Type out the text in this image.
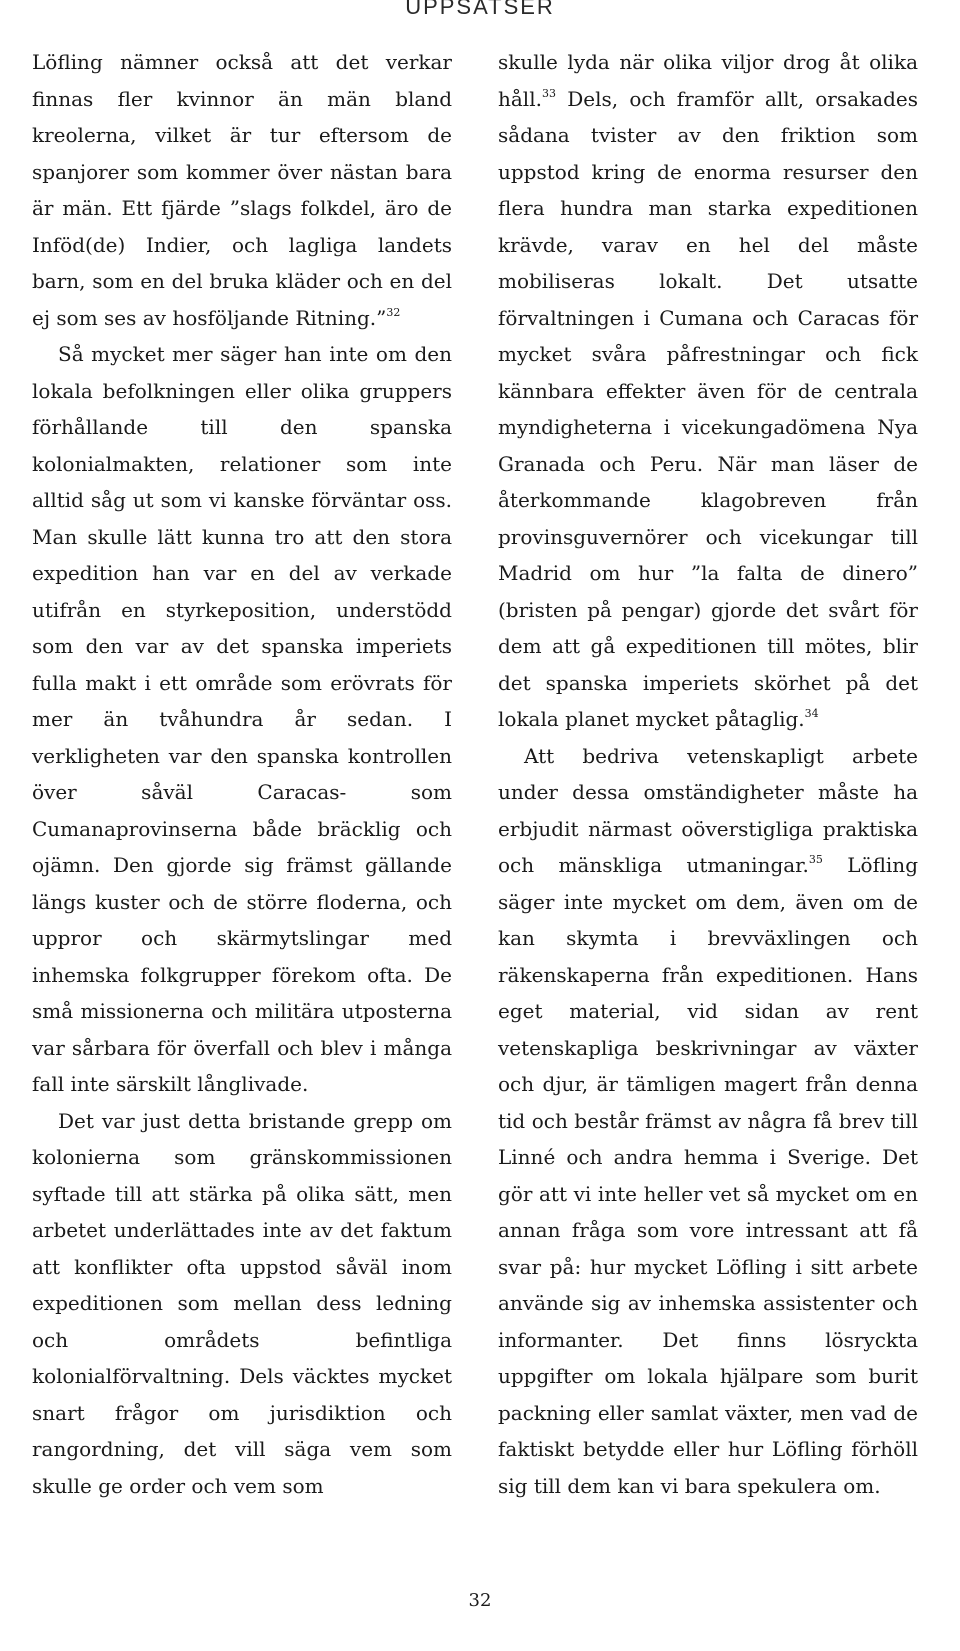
UPPSATSER

Löfling nämner också att det verkar finnas fler kvinnor än män bland kreolerna, vilket är tur eftersom de spanjorer som kommer över nästan bara är män. Ett fjärde ”slags folkdel, äro de Inföd(de) Indier, och lagliga landets barn, som en del bruka kläder och en del ej som ses av hosföljande Ritning.”$^{32}$

Så mycket mer säger han inte om den lokala befolkningen eller olika gruppers förhållande till den spanska kolonialmakten, relationer som inte alltid såg ut som vi kanske förväntar oss. Man skulle lätt kunna tro att den stora expedition han var en del av verkade utifrån en styrkeposition, understödd som den var av det spanska imperiets fulla makt i ett område som erövrats för mer än tvåhundra år sedan. I verkligheten var den spanska kontrollen över såväl Caracas- som Cumanaprovinserna både bräcklig och ojämn. Den gjorde sig främst gällande längs kuster och de större floderna, och uppror och skärmytslingar med inhemska folkgrupper förekom ofta. De små missionerna och militära utposterna var sårbara för överfall och blev i många fall inte särskilt långlivade.

Det var just detta bristande grepp om kolonierna som gränskommissionen syftade till att stärka på olika sätt, men arbetet underlättades inte av det faktum att konflikter ofta uppstod såväl inom expeditionen som mellan dess ledning och områdets befintliga kolonialförvaltning. Dels väcktes mycket snart frågor om jurisdiktion och rangordning, det vill säga vem som skulle ge order och vem som

skulle lyda när olika viljor drog åt olika håll.$^{33}$ Dels, och framför allt, orsakades sådana tvister av den friktion som uppstod kring de enorma resurser den flera hundra man starka expeditionen krävde, varav en hel del måste mobiliseras lokalt. Det utsatte förvaltningen i Cumana och Caracas för mycket svåra påfrestningar och fick kännbara effekter även för de centrala myndigheterna i vicekungadömena Nya Granada och Peru. När man läser de återkommande klagobreven från provinsguvernörer och vicekungar till Madrid om hur ”la falta de dinero” (bristen på pengar) gjorde det svårt för dem att gå expeditionen till mötes, blir det spanska imperiets skörhet på det lokala planet mycket påtaglig.$^{34}$

Att bedriva vetenskapligt arbete under dessa omständigheter måste ha erbjudit närmast oöverstigliga praktiska och mänskliga utmaningar.$^{35}$ Löfling säger inte mycket om dem, även om de kan skymta i brevväxlingen och räkenskaperna från expeditionen. Hans eget material, vid sidan av rent vetenskapliga beskrivningar av växter och djur, är tämligen magert från denna tid och består främst av några få brev till Linné och andra hemma i Sverige. Det gör att vi inte heller vet så mycket om en annan fråga som vore intressant att få svar på: hur mycket Löfling i sitt arbete använde sig av inhemska assistenter och informanter. Det finns lösryckta uppgifter om lokala hjälpare som burit packning eller samlat växter, men vad de faktiskt betydde eller hur Löfling förhöll sig till dem kan vi bara spekulera om.

32
